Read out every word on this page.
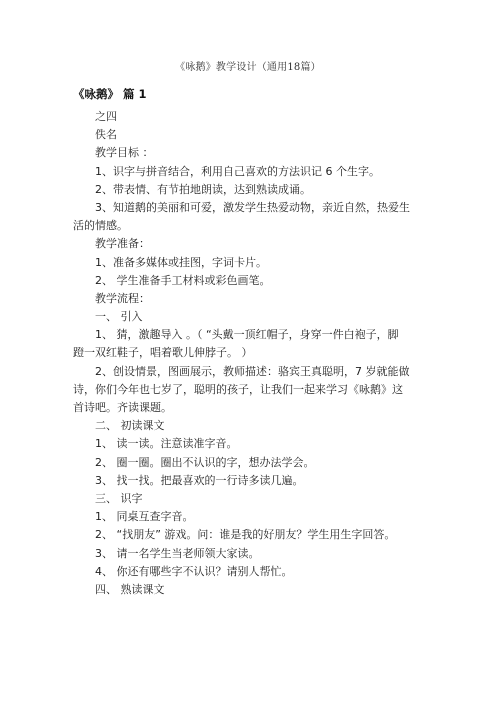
《咏鹅》教学设计（通用18篇）
《咏鹅》 篇 1
之四
佚名
教学目标 ：
1、识字与拼音结合，利用自己喜欢的方法识记 6 个生字。
2、带表情、有节拍地朗读，达到熟读成诵。
3、知道鹅的美丽和可爱，激发学生热爱动物，亲近自然，热爱生
活的情感。
教学准备：
1、准备多媒体或挂图，字词卡片。
2、 学生准备手工材料或彩色画笔。
教学流程：
一、 引入
1、 猜，激趣导入 。（ “头戴一顶红帽子，身穿一件白袍子，脚
蹬一双红鞋子，唱着歌儿伸脖子。 ）
2、创设情景，图画展示，教师描述：骆宾王真聪明，7 岁就能做
诗，你们今年也七岁了，聪明的孩子，让我们一起来学习《咏鹅》这
首诗吧。齐读课题。
二、 初读课文
1、 读一读。注意读准字音。
2、 圈一圈。圈出不认识的字，想办法学会。
3、 找一找。把最喜欢的一行诗多读几遍。
三、 识字
1、 同桌互查字音。
2、 “找朋友” 游戏。问：谁是我的好朋友？学生用生字回答。
3、 请一名学生当老师领大家读。
4、 你还有哪些字不认识？请别人帮忙。
四、 熟读课文
